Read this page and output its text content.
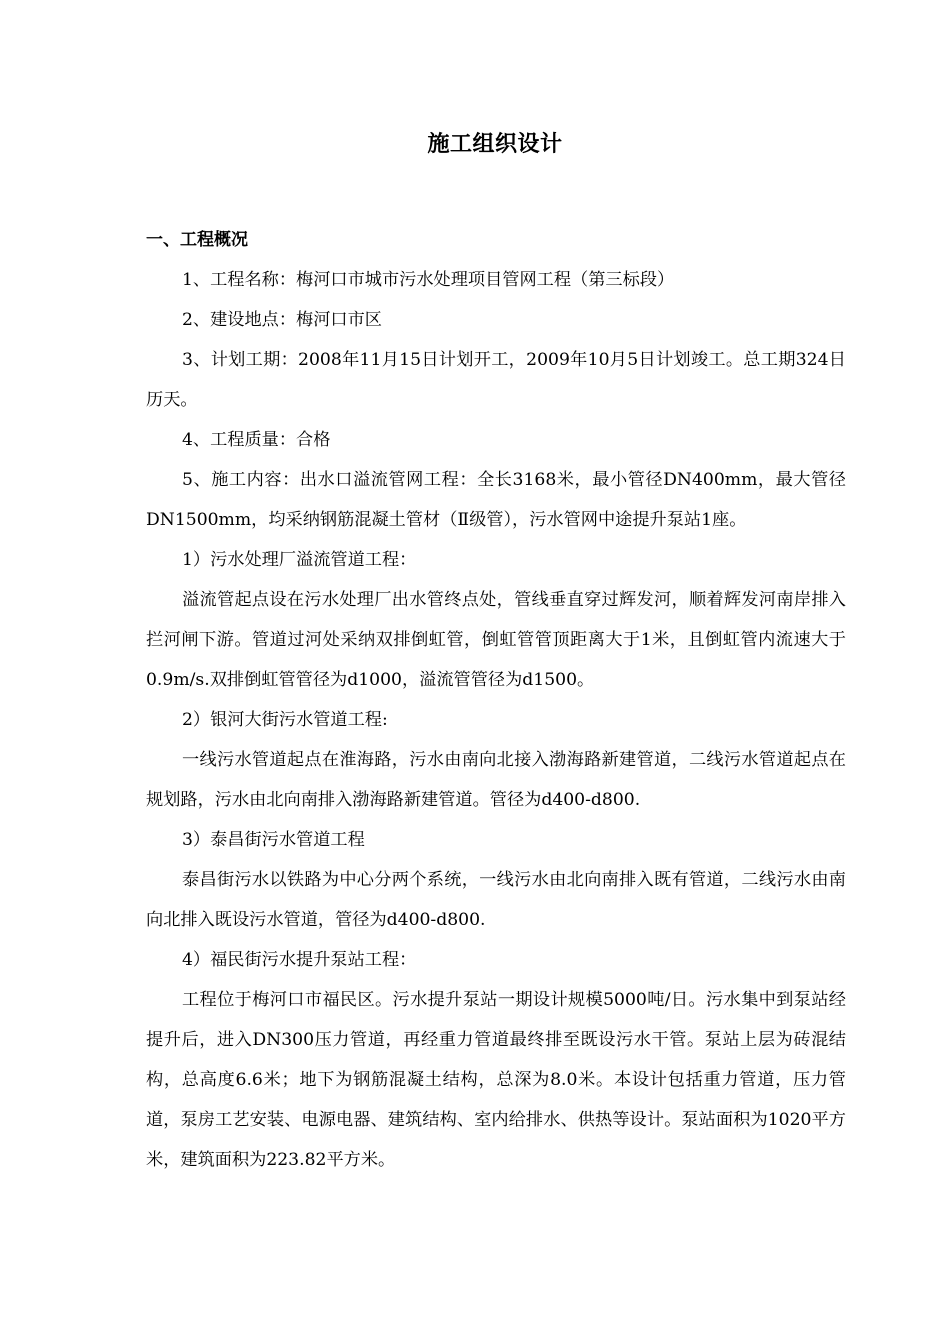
施工组织设计

一、工程概况

1、工程名称：梅河口市城市污水处理项目管网工程（第三标段）

2、建设地点：梅河口市区

3、计划工期：2008年11月15日计划开工，2009年10月5日计划竣工。总工期324日历天。

4、工程质量：合格

5、施工内容：出水口溢流管网工程：全长3168米，最小管径DN400mm，最大管径DN1500mm，均采纳钢筋混凝土管材（Ⅱ级管），污水管网中途提升泵站1座。

1）污水处理厂溢流管道工程：

溢流管起点设在污水处理厂出水管终点处，管线垂直穿过辉发河，顺着辉发河南岸排入拦河闸下游。管道过河处采纳双排倒虹管，倒虹管管顶距离大于1米，且倒虹管内流速大于0.9m/s.双排倒虹管管径为d1000，溢流管管径为d1500。

2）银河大街污水管道工程:

一线污水管道起点在淮海路，污水由南向北接入渤海路新建管道，二线污水管道起点在规划路，污水由北向南排入渤海路新建管道。管径为d400-d800.

3）泰昌街污水管道工程

泰昌街污水以铁路为中心分两个系统，一线污水由北向南排入既有管道，二线污水由南向北排入既设污水管道，管径为d400-d800.

4）福民街污水提升泵站工程：

工程位于梅河口市福民区。污水提升泵站一期设计规模5000吨/日。污水集中到泵站经提升后，进入DN300压力管道，再经重力管道最终排至既设污水干管。泵站上层为砖混结构，总高度6.6米；地下为钢筋混凝土结构，总深为8.0米。本设计包括重力管道，压力管道，泵房工艺安装、电源电器、建筑结构、室内给排水、供热等设计。泵站面积为1020平方米，建筑面积为223.82平方米。
